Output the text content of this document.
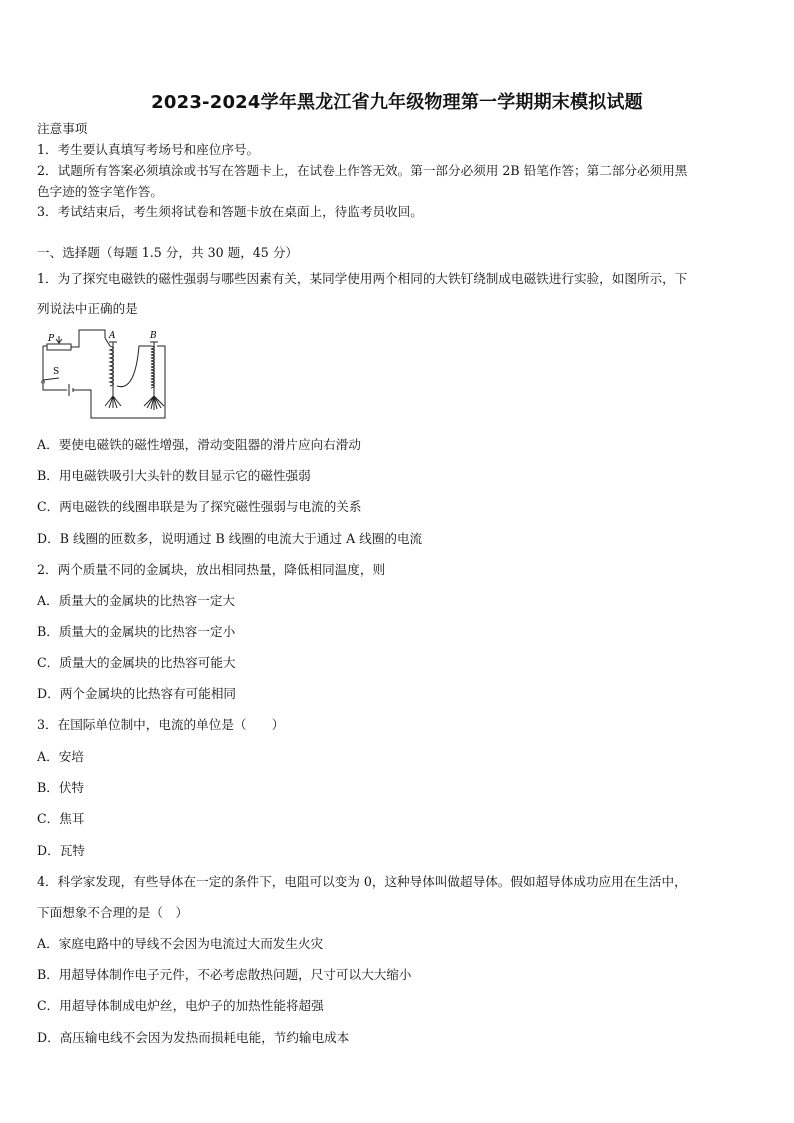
2023-2024学年黑龙江省九年级物理第一学期期末模拟试题
注意事项
1．考生要认真填写考场号和座位序号。
2．试题所有答案必须填涂或书写在答题卡上，在试卷上作答无效。第一部分必须用 2B 铅笔作答；第二部分必须用黑
色字迹的签字笔作答。
3．考试结束后，考生须将试卷和答题卡放在桌面上，待监考员收回。
一、选择题（每题 1.5 分，共 30 题，45 分）
1．为了探究电磁铁的磁性强弱与哪些因素有关，某同学使用两个相同的大铁钉绕制成电磁铁进行实验，如图所示，下
列说法中正确的是
A	B
P
S
A．要使电磁铁的磁性增强，滑动变阻器的滑片应向右滑动
B．用电磁铁吸引大头针的数目显示它的磁性强弱
C．两电磁铁的线圈串联是为了探究磁性强弱与电流的关系
D．B 线圈的匝数多，说明通过 B 线圈的电流大于通过 A 线圈的电流
2．两个质量不同的金属块，放出相同热量，降低相同温度，则
A．质量大的金属块的比热容一定大
B．质量大的金属块的比热容一定小
C．质量大的金属块的比热容可能大
D．两个金属块的比热容有可能相同
3．在国际单位制中，电流的单位是（　　）
A．安培
B．伏特
C．焦耳
D．瓦特
4．科学家发现，有些导体在一定的条件下，电阻可以变为 0，这种导体叫做超导体。假如超导体成功应用在生活中，
下面想象不合理的是（　）
A．家庭电路中的导线不会因为电流过大而发生火灾
B．用超导体制作电子元件，不必考虑散热问题，尺寸可以大大缩小
C．用超导体制成电炉丝，电炉子的加热性能将超强
D．高压输电线不会因为发热而损耗电能，节约输电成本
